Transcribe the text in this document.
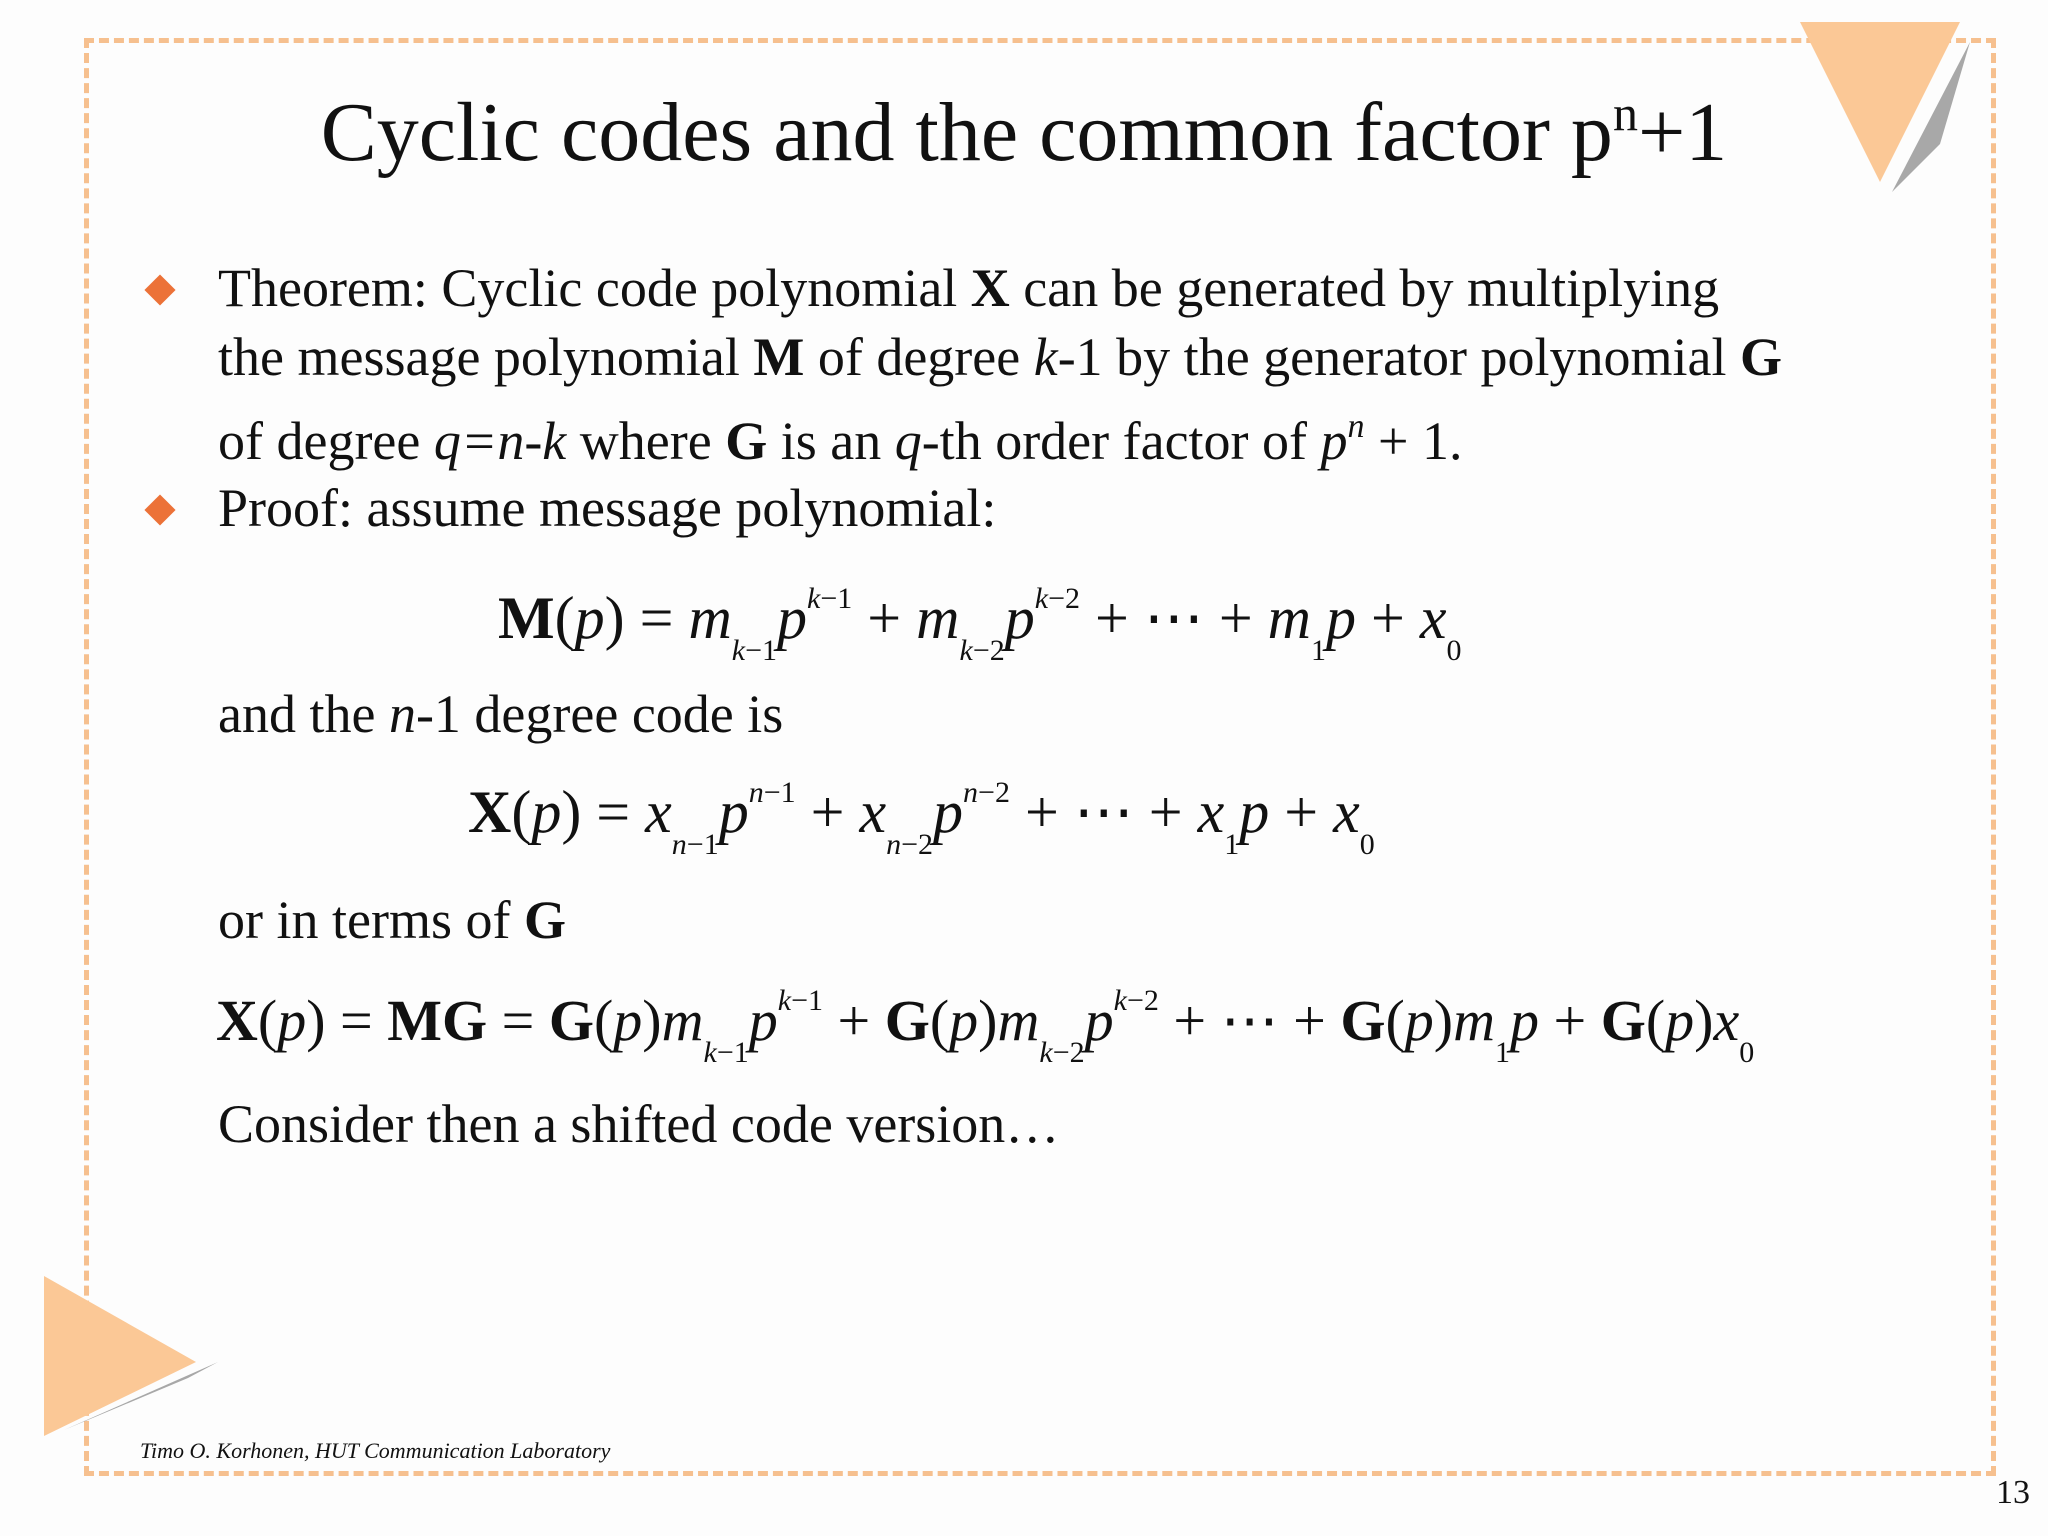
Cyclic codes and the common factor $p^n+1$
Theorem: Cyclic code polynomial X can be generated by multiplying
the message polynomial M of degree k-1 by the generator polynomial G
of degree q=n-k where G is an q-th order factor of $p^n + 1$.
Proof: assume message polynomial:
$M(p) = m_{k-1}p^{k-1} + m_{k-2}p^{k-2}$ + ⋯ + $m_1p + x_0$
and the n-1 degree code is
$X(p) = x_{n-1}p^{n-1} + x_{n-2}p^{n-2}$ + ⋯ + $x_1p + x_0$
or in terms of G
X(p) = MG = $G(p)m_{k-1}p^{k-1} + G(p)m_{k-2}p^{k-2}$ + ⋯ + $G(p)m_1p + G(p)x_0$
Consider then a shifted code version…
Timo O. Korhonen, HUT Communication Laboratory
13
